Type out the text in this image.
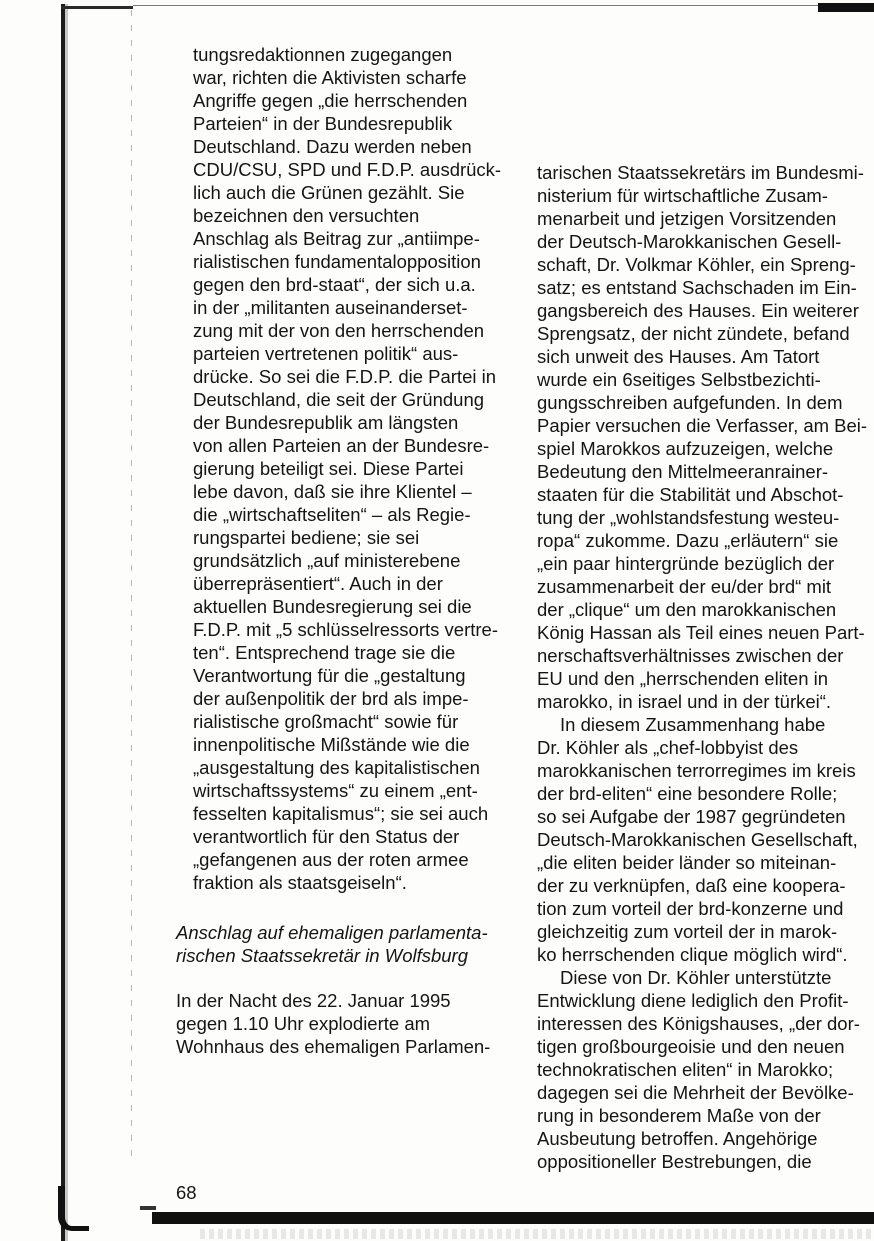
tungsredaktionnen zugegangen
war, richten die Aktivisten scharfe
Angriffe gegen „die herrschenden
Parteien“ in der Bundesrepublik
Deutschland. Dazu werden neben
CDU/CSU, SPD und F.D.P. ausdrück-
lich auch die Grünen gezählt. Sie
bezeichnen den versuchten
Anschlag als Beitrag zur „antiimpe-
rialistischen fundamentalopposition
gegen den brd-staat“, der sich u.a.
in der „militanten auseinanderset-
zung mit der von den herrschenden
parteien vertretenen politik“ aus-
drücke. So sei die F.D.P. die Partei in
Deutschland, die seit der Gründung
der Bundesrepublik am längsten
von allen Parteien an der Bundesre-
gierung beteiligt sei. Diese Partei
lebe davon, daß sie ihre Klientel –
die „wirtschaftseliten“ – als Regie-
rungspartei bediene; sie sei
grundsätzlich „auf ministerebene
überrepräsentiert“. Auch in der
aktuellen Bundesregierung sei die
F.D.P. mit „5 schlüsselressorts vertre-
ten“. Entsprechend trage sie die
Verantwortung für die „gestaltung
der außenpolitik der brd als impe-
rialistische großmacht“ sowie für
innenpolitische Mißstände wie die
„ausgestaltung des kapitalistischen
wirtschaftssystems“ zu einem „ent-
fesselten kapitalismus“; sie sei auch
verantwortlich für den Status der
„gefangenen aus der roten armee
fraktion als staatsgeiseln“.
Anschlag auf ehemaligen parlamenta-
rischen Staatssekretär in Wolfsburg
In der Nacht des 22. Januar 1995
gegen 1.10 Uhr explodierte am
Wohnhaus des ehemaligen Parlamen-
tarischen Staatssekretärs im Bundesmi-
nisterium für wirtschaftliche Zusam-
menarbeit und jetzigen Vorsitzenden
der Deutsch-Marokkanischen Gesell-
schaft, Dr. Volkmar Köhler, ein Spreng-
satz; es entstand Sachschaden im Ein-
gangsbereich des Hauses. Ein weiterer
Sprengsatz, der nicht zündete, befand
sich unweit des Hauses. Am Tatort
wurde ein 6seitiges Selbstbezichti-
gungsschreiben aufgefunden. In dem
Papier versuchen die Verfasser, am Bei-
spiel Marokkos aufzuzeigen, welche
Bedeutung den Mittelmeeranrainer-
staaten für die Stabilität und Abschot-
tung der „wohlstandsfestung westeu-
ropa“ zukomme. Dazu „erläutern“ sie
„ein paar hintergründe bezüglich der
zusammenarbeit der eu/der brd“ mit
der „clique“ um den marokkanischen
König Hassan als Teil eines neuen Part-
nerschaftsverhältnisses zwischen der
EU und den „herrschenden eliten in
marokko, in israel und in der türkei“.
In diesem Zusammenhang habe
Dr. Köhler als „chef-lobbyist des
marokkanischen terrorregimes im kreis
der brd-eliten“ eine besondere Rolle;
so sei Aufgabe der 1987 gegründeten
Deutsch-Marokkanischen Gesellschaft,
„die eliten beider länder so miteinan-
der zu verknüpfen, daß eine koopera-
tion zum vorteil der brd-konzerne und
gleichzeitig zum vorteil der in marok-
ko herrschenden clique möglich wird“.
Diese von Dr. Köhler unterstützte
Entwicklung diene lediglich den Profit-
interessen des Königshauses, „der dor-
tigen großbourgeoisie und den neuen
technokratischen eliten“ in Marokko;
dagegen sei die Mehrheit der Bevölke-
rung in besonderem Maße von der
Ausbeutung betroffen. Angehörige
oppositioneller Bestrebungen, die
68
